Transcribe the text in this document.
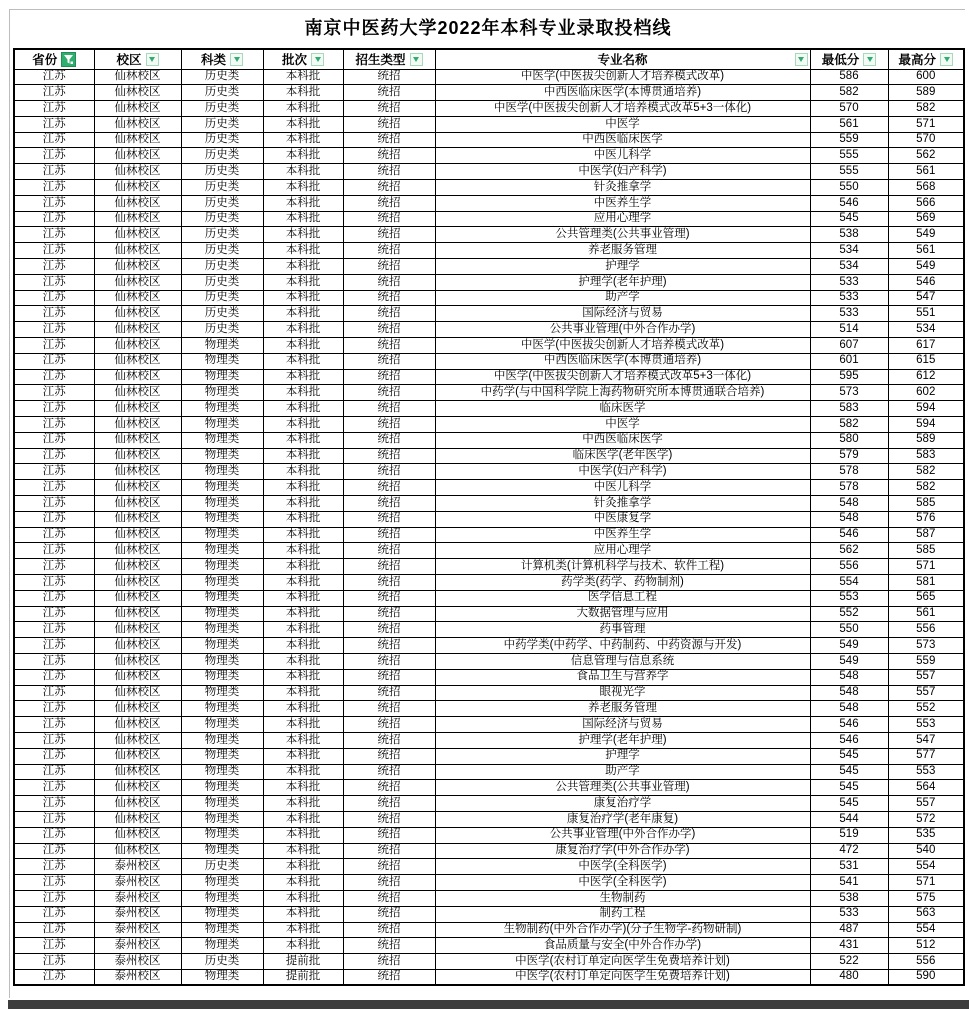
南京中医药大学2022年本科专业录取投档线
省份	校区	科类	批次	招生类型	专业名称	最低分	最高分

江苏	仙林校区	历史类	本科批	统招	中医学(中医拔尖创新人才培养模式改革)	586	600
江苏	仙林校区	历史类	本科批	统招	中西医临床医学(本博贯通培养)	582	589
江苏	仙林校区	历史类	本科批	统招	中医学(中医拔尖创新人才培养模式改革5+3一体化)	570	582
江苏	仙林校区	历史类	本科批	统招	中医学	561	571
江苏	仙林校区	历史类	本科批	统招	中西医临床医学	559	570
江苏	仙林校区	历史类	本科批	统招	中医儿科学	555	562
江苏	仙林校区	历史类	本科批	统招	中医学(妇产科学)	555	561
江苏	仙林校区	历史类	本科批	统招	针灸推拿学	550	568
江苏	仙林校区	历史类	本科批	统招	中医养生学	546	566
江苏	仙林校区	历史类	本科批	统招	应用心理学	545	569
江苏	仙林校区	历史类	本科批	统招	公共管理类(公共事业管理)	538	549
江苏	仙林校区	历史类	本科批	统招	养老服务管理	534	561
江苏	仙林校区	历史类	本科批	统招	护理学	534	549
江苏	仙林校区	历史类	本科批	统招	护理学(老年护理)	533	546
江苏	仙林校区	历史类	本科批	统招	助产学	533	547
江苏	仙林校区	历史类	本科批	统招	国际经济与贸易	533	551
江苏	仙林校区	历史类	本科批	统招	公共事业管理(中外合作办学)	514	534
江苏	仙林校区	物理类	本科批	统招	中医学(中医拔尖创新人才培养模式改革)	607	617
江苏	仙林校区	物理类	本科批	统招	中西医临床医学(本博贯通培养)	601	615
江苏	仙林校区	物理类	本科批	统招	中医学(中医拔尖创新人才培养模式改革5+3一体化)	595	612
江苏	仙林校区	物理类	本科批	统招	中药学(与中国科学院上海药物研究所本博贯通联合培养)	573	602
江苏	仙林校区	物理类	本科批	统招	临床医学	583	594
江苏	仙林校区	物理类	本科批	统招	中医学	582	594
江苏	仙林校区	物理类	本科批	统招	中西医临床医学	580	589
江苏	仙林校区	物理类	本科批	统招	临床医学(老年医学)	579	583
江苏	仙林校区	物理类	本科批	统招	中医学(妇产科学)	578	582
江苏	仙林校区	物理类	本科批	统招	中医儿科学	578	582
江苏	仙林校区	物理类	本科批	统招	针灸推拿学	548	585
江苏	仙林校区	物理类	本科批	统招	中医康复学	548	576
江苏	仙林校区	物理类	本科批	统招	中医养生学	546	587
江苏	仙林校区	物理类	本科批	统招	应用心理学	562	585
江苏	仙林校区	物理类	本科批	统招	计算机类(计算机科学与技术、软件工程)	556	571
江苏	仙林校区	物理类	本科批	统招	药学类(药学、药物制剂)	554	581
江苏	仙林校区	物理类	本科批	统招	医学信息工程	553	565
江苏	仙林校区	物理类	本科批	统招	大数据管理与应用	552	561
江苏	仙林校区	物理类	本科批	统招	药事管理	550	556
江苏	仙林校区	物理类	本科批	统招	中药学类(中药学、中药制药、中药资源与开发)	549	573
江苏	仙林校区	物理类	本科批	统招	信息管理与信息系统	549	559
江苏	仙林校区	物理类	本科批	统招	食品卫生与营养学	548	557
江苏	仙林校区	物理类	本科批	统招	眼视光学	548	557
江苏	仙林校区	物理类	本科批	统招	养老服务管理	548	552
江苏	仙林校区	物理类	本科批	统招	国际经济与贸易	546	553
江苏	仙林校区	物理类	本科批	统招	护理学(老年护理)	546	547
江苏	仙林校区	物理类	本科批	统招	护理学	545	577
江苏	仙林校区	物理类	本科批	统招	助产学	545	553
江苏	仙林校区	物理类	本科批	统招	公共管理类(公共事业管理)	545	564
江苏	仙林校区	物理类	本科批	统招	康复治疗学	545	557
江苏	仙林校区	物理类	本科批	统招	康复治疗学(老年康复)	544	572
江苏	仙林校区	物理类	本科批	统招	公共事业管理(中外合作办学)	519	535
江苏	仙林校区	物理类	本科批	统招	康复治疗学(中外合作办学)	472	540
江苏	泰州校区	历史类	本科批	统招	中医学(全科医学)	531	554
江苏	泰州校区	物理类	本科批	统招	中医学(全科医学)	541	571
江苏	泰州校区	物理类	本科批	统招	生物制药	538	575
江苏	泰州校区	物理类	本科批	统招	制药工程	533	563
江苏	泰州校区	物理类	本科批	统招	生物制药(中外合作办学)(分子生物学-药物研制)	487	554
江苏	泰州校区	物理类	本科批	统招	食品质量与安全(中外合作办学)	431	512
江苏	泰州校区	历史类	提前批	统招	中医学(农村订单定向医学生免费培养计划)	522	556
江苏	泰州校区	物理类	提前批	统招	中医学(农村订单定向医学生免费培养计划)	480	590
